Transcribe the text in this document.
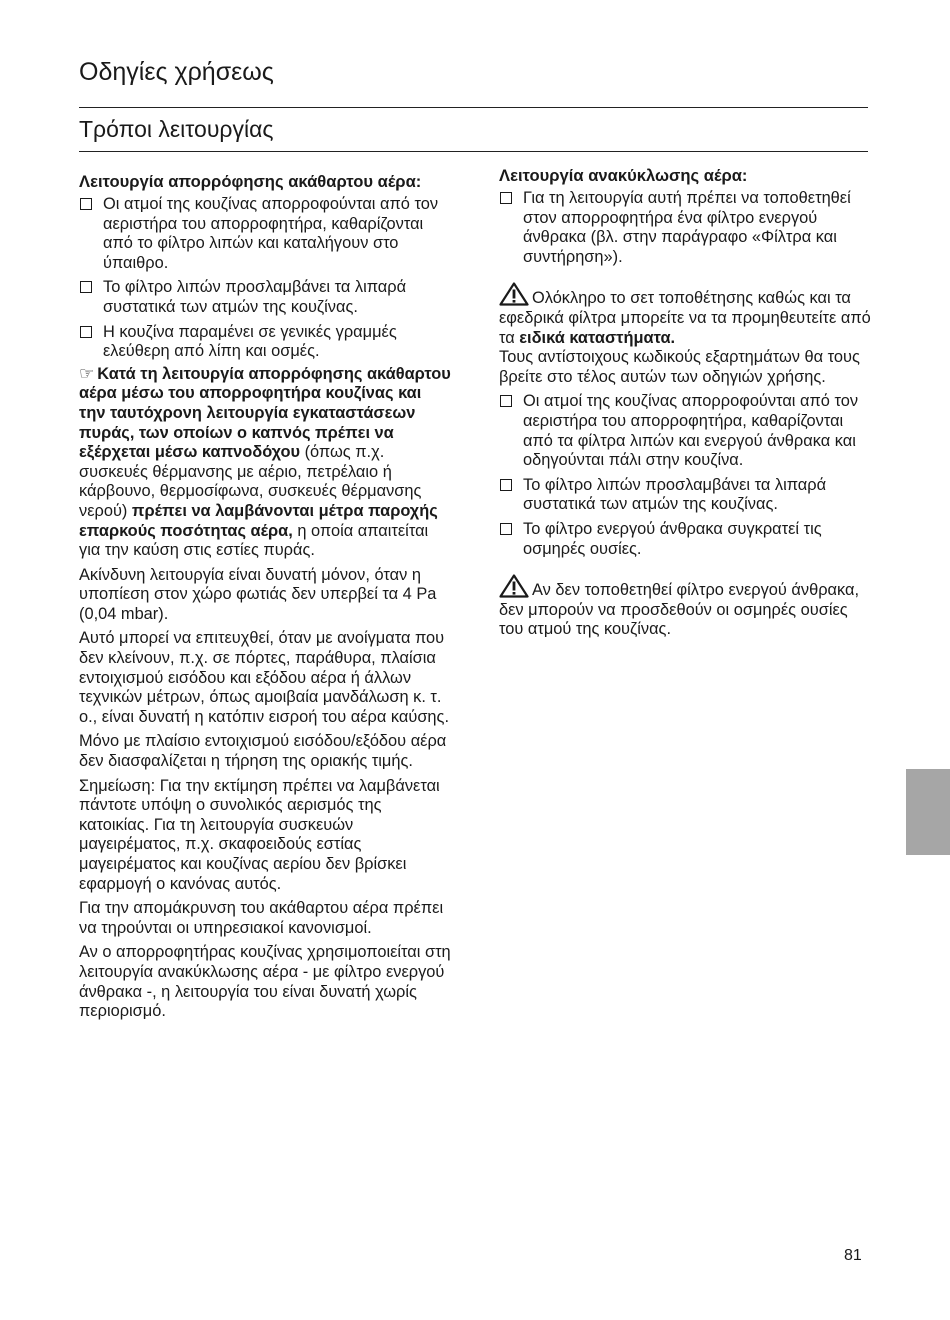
Οδηγίες χρήσεως
Τρόποι λειτουργίας
Λειτουργία απορρόφησης ακάθαρτου αέρα:
Οι ατμοί της κουζίνας απορροφούνται από τον αεριστήρα του απορροφητήρα, καθαρίζονται από το φίλτρο λιπών και καταλήγουν στο ύπαιθρο.
Το φίλτρο λιπών προσλαμβάνει τα λιπαρά συστατικά των ατμών της κουζίνας.
Η κουζίνα παραμένει σε γενικές γραμμές ελεύθερη από λίπη και οσμές.

☞ Κατά τη λειτουργία απορρόφησης ακάθαρτου αέρα μέσω του απορροφητήρα κουζίνας και την ταυτόχρονη λειτουργία εγκαταστάσεων πυράς, των οποίων ο καπνός πρέπει να εξέρχεται μέσω καπνοδόχου (όπως π.χ. συσκευές θέρμανσης με αέριο, πετρέλαιο ή κάρβουνο, θερμοσίφωνα, συσκευές θέρμανσης νερού) πρέπει να λαμβάνονται μέτρα παροχής επαρκούς ποσότητας αέρα, η οποία απαιτείται για την καύση στις εστίες πυράς.

Ακίνδυνη λειτουργία είναι δυνατή μόνον, όταν η υποπίεση στον χώρο φωτιάς δεν υπερβεί τα 4 Pa (0,04 mbar).

Αυτό μπορεί να επιτευχθεί, όταν με ανοίγματα που δεν κλείνουν, π.χ. σε πόρτες, παράθυρα, πλαίσια εντοιχισμού εισόδου και εξόδου αέρα ή άλλων τεχνικών μέτρων, όπως αμοιβαία μανδάλωση κ. τ. ο., είναι δυνατή η κατόπιν εισροή του αέρα καύσης.

Μόνο με πλαίσιο εντοιχισμού εισόδου/εξόδου αέρα δεν διασφαλίζεται η τήρηση της οριακής τιμής.

Σημείωση: Για την εκτίμηση πρέπει να λαμβάνεται πάντοτε υπόψη ο συνολικός αερισμός της κατοικίας. Για τη λειτουργία συσκευών μαγειρέματος, π.χ. σκαφοειδούς εστίας μαγειρέματος και κουζίνας αερίου δεν βρίσκει εφαρμογή ο κανόνας αυτός.

Για την απομάκρυνση του ακάθαρτου αέρα πρέπει να τηρούνται οι υπηρεσιακοί κανονισμοί.

Αν ο απορροφητήρας κουζίνας χρησιμοποιείται στη λειτουργία ανακύκλωσης αέρα - με φίλτρο ενεργού άνθρακα -, η λειτουργία του είναι δυνατή χωρίς περιορισμό.

Λειτουργία ανακύκλωσης αέρα:
Για τη λειτουργία αυτή πρέπει να τοποθετηθεί στον απορροφητήρα ένα φίλτρο ενεργού άνθρακα (βλ. στην παράγραφο «Φίλτρα και συντήρηση»).

Ολόκληρο το σετ τοποθέτησης καθώς και τα εφεδρικά φίλτρα μπορείτε να τα προμηθευτείτε από τα ειδικά καταστήματα.
Τους αντίστοιχους κωδικούς εξαρτημάτων θα τους βρείτε στο τέλος αυτών των οδηγιών χρήσης.

Οι ατμοί της κουζίνας απορροφούνται από τον αεριστήρα του απορροφητήρα, καθαρίζονται από τα φίλτρα λιπών και ενεργού άνθρακα και οδηγούνται πάλι στην κουζίνα.
Το φίλτρο λιπών προσλαμβάνει τα λιπαρά συστατικά των ατμών της κουζίνας.
Το φίλτρο ενεργού άνθρακα συγκρατεί τις οσμηρές ουσίες.

Αν δεν τοποθετηθεί φίλτρο ενεργού άνθρακα, δεν μπορούν να προσδεθούν οι οσμηρές ουσίες του ατμού της κουζίνας.

81
